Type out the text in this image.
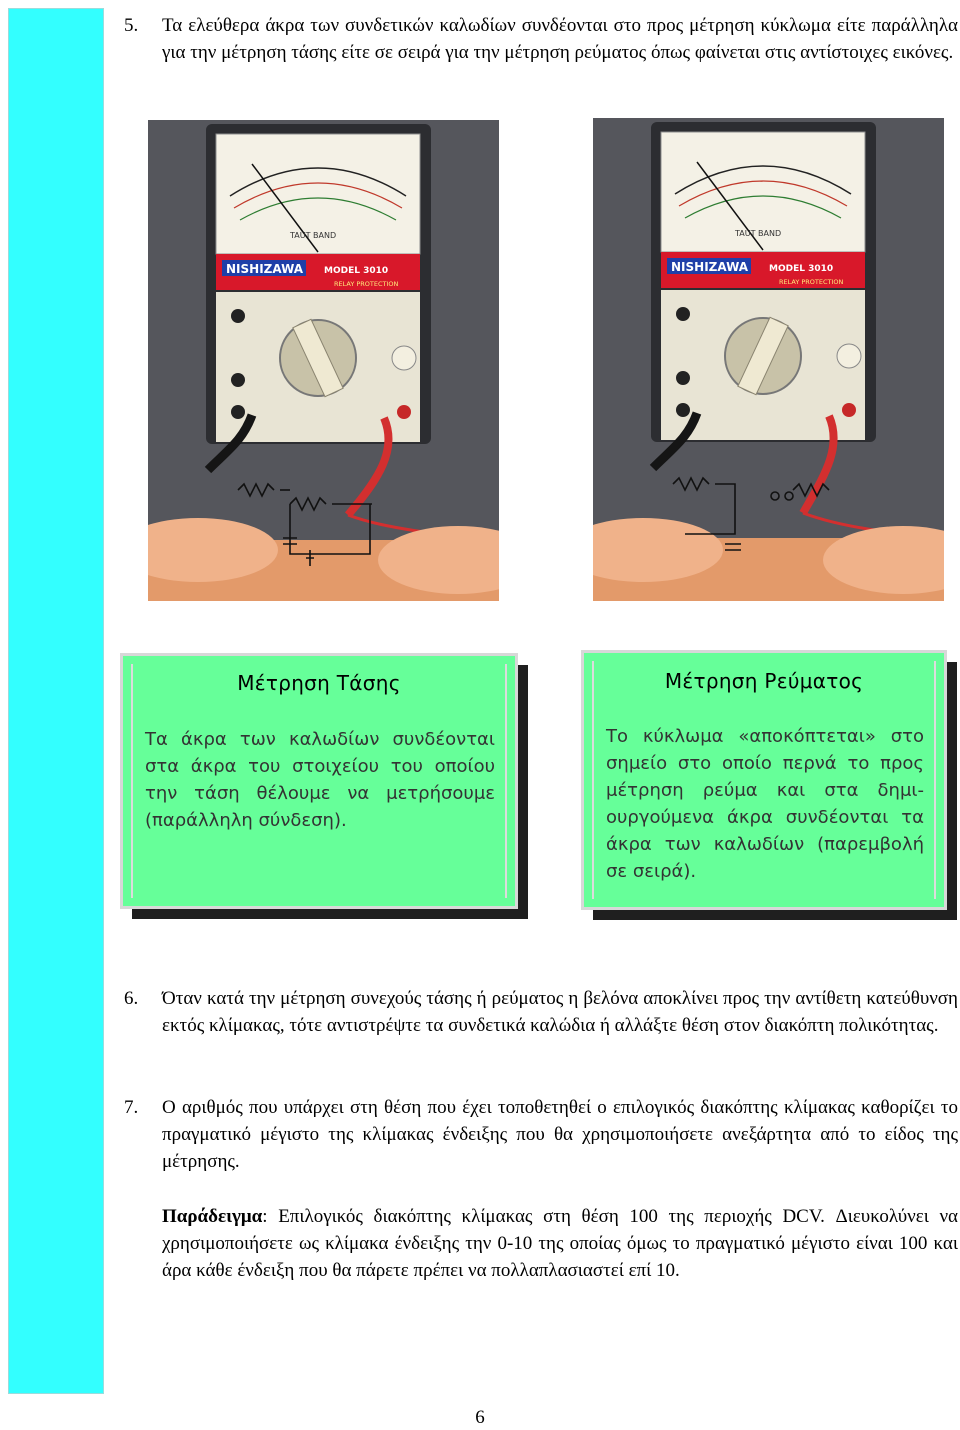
5. Τα ελεύθερα άκρα των συνδετικών καλωδίων συνδέονται στο προς μέτρηση κύκλωμα είτε παράλληλα για την μέτρηση τάσης είτε σε σειρά για την μέτρηση ρεύματος όπως φαίνεται στις αντίστοιχες εικόνες.
TAUT BAND
NISHIZAWA MODEL 3010
RELAY PROTECTION
TAUT BAND
NISHIZAWA MODEL 3010
RELAY PROTECTION
Μέτρηση Τάσης
Τα άκρα των καλωδίων συνδέονται στα άκρα του στοιχείου του οποίου την τάση θέλουμε να μετρήσουμε (παράλληλη σύνδεση).
Μέτρηση Ρεύματος
Το κύκλωμα «αποκόπτεται» στο σημείο στο οποίο περνά το προς μέτρηση ρεύμα και στα δημι-ουργούμενα άκρα συνδέονται τα άκρα των καλωδίων (παρεμβολή σε σειρά).
6. Όταν κατά την μέτρηση συνεχούς τάσης ή ρεύματος η βελόνα αποκλίνει προς την αντίθετη κατεύθυνση εκτός κλίμακας, τότε αντιστρέψτε τα συνδετικά καλώδια ή αλλάξτε θέση στον διακόπτη πολικότητας.
7. Ο αριθμός που υπάρχει στη θέση που έχει τοποθετηθεί ο επιλογικός διακόπτης κλίμακας καθορίζει το πραγματικό μέγιστο της κλίμακας ένδειξης που θα χρησιμοποιήσετε ανεξάρτητα από το είδος της μέτρησης.
Παράδειγμα: Επιλογικός διακόπτης κλίμακας στη θέση 100 της περιοχής DCV. Διευκολύνει να χρησιμοποιήσετε ως κλίμακα ένδειξης την 0-10 της οποίας όμως το πραγματικό μέγιστο είναι 100 και άρα κάθε ένδειξη που θα πάρετε πρέπει να πολλαπλασιαστεί επί 10.
6
